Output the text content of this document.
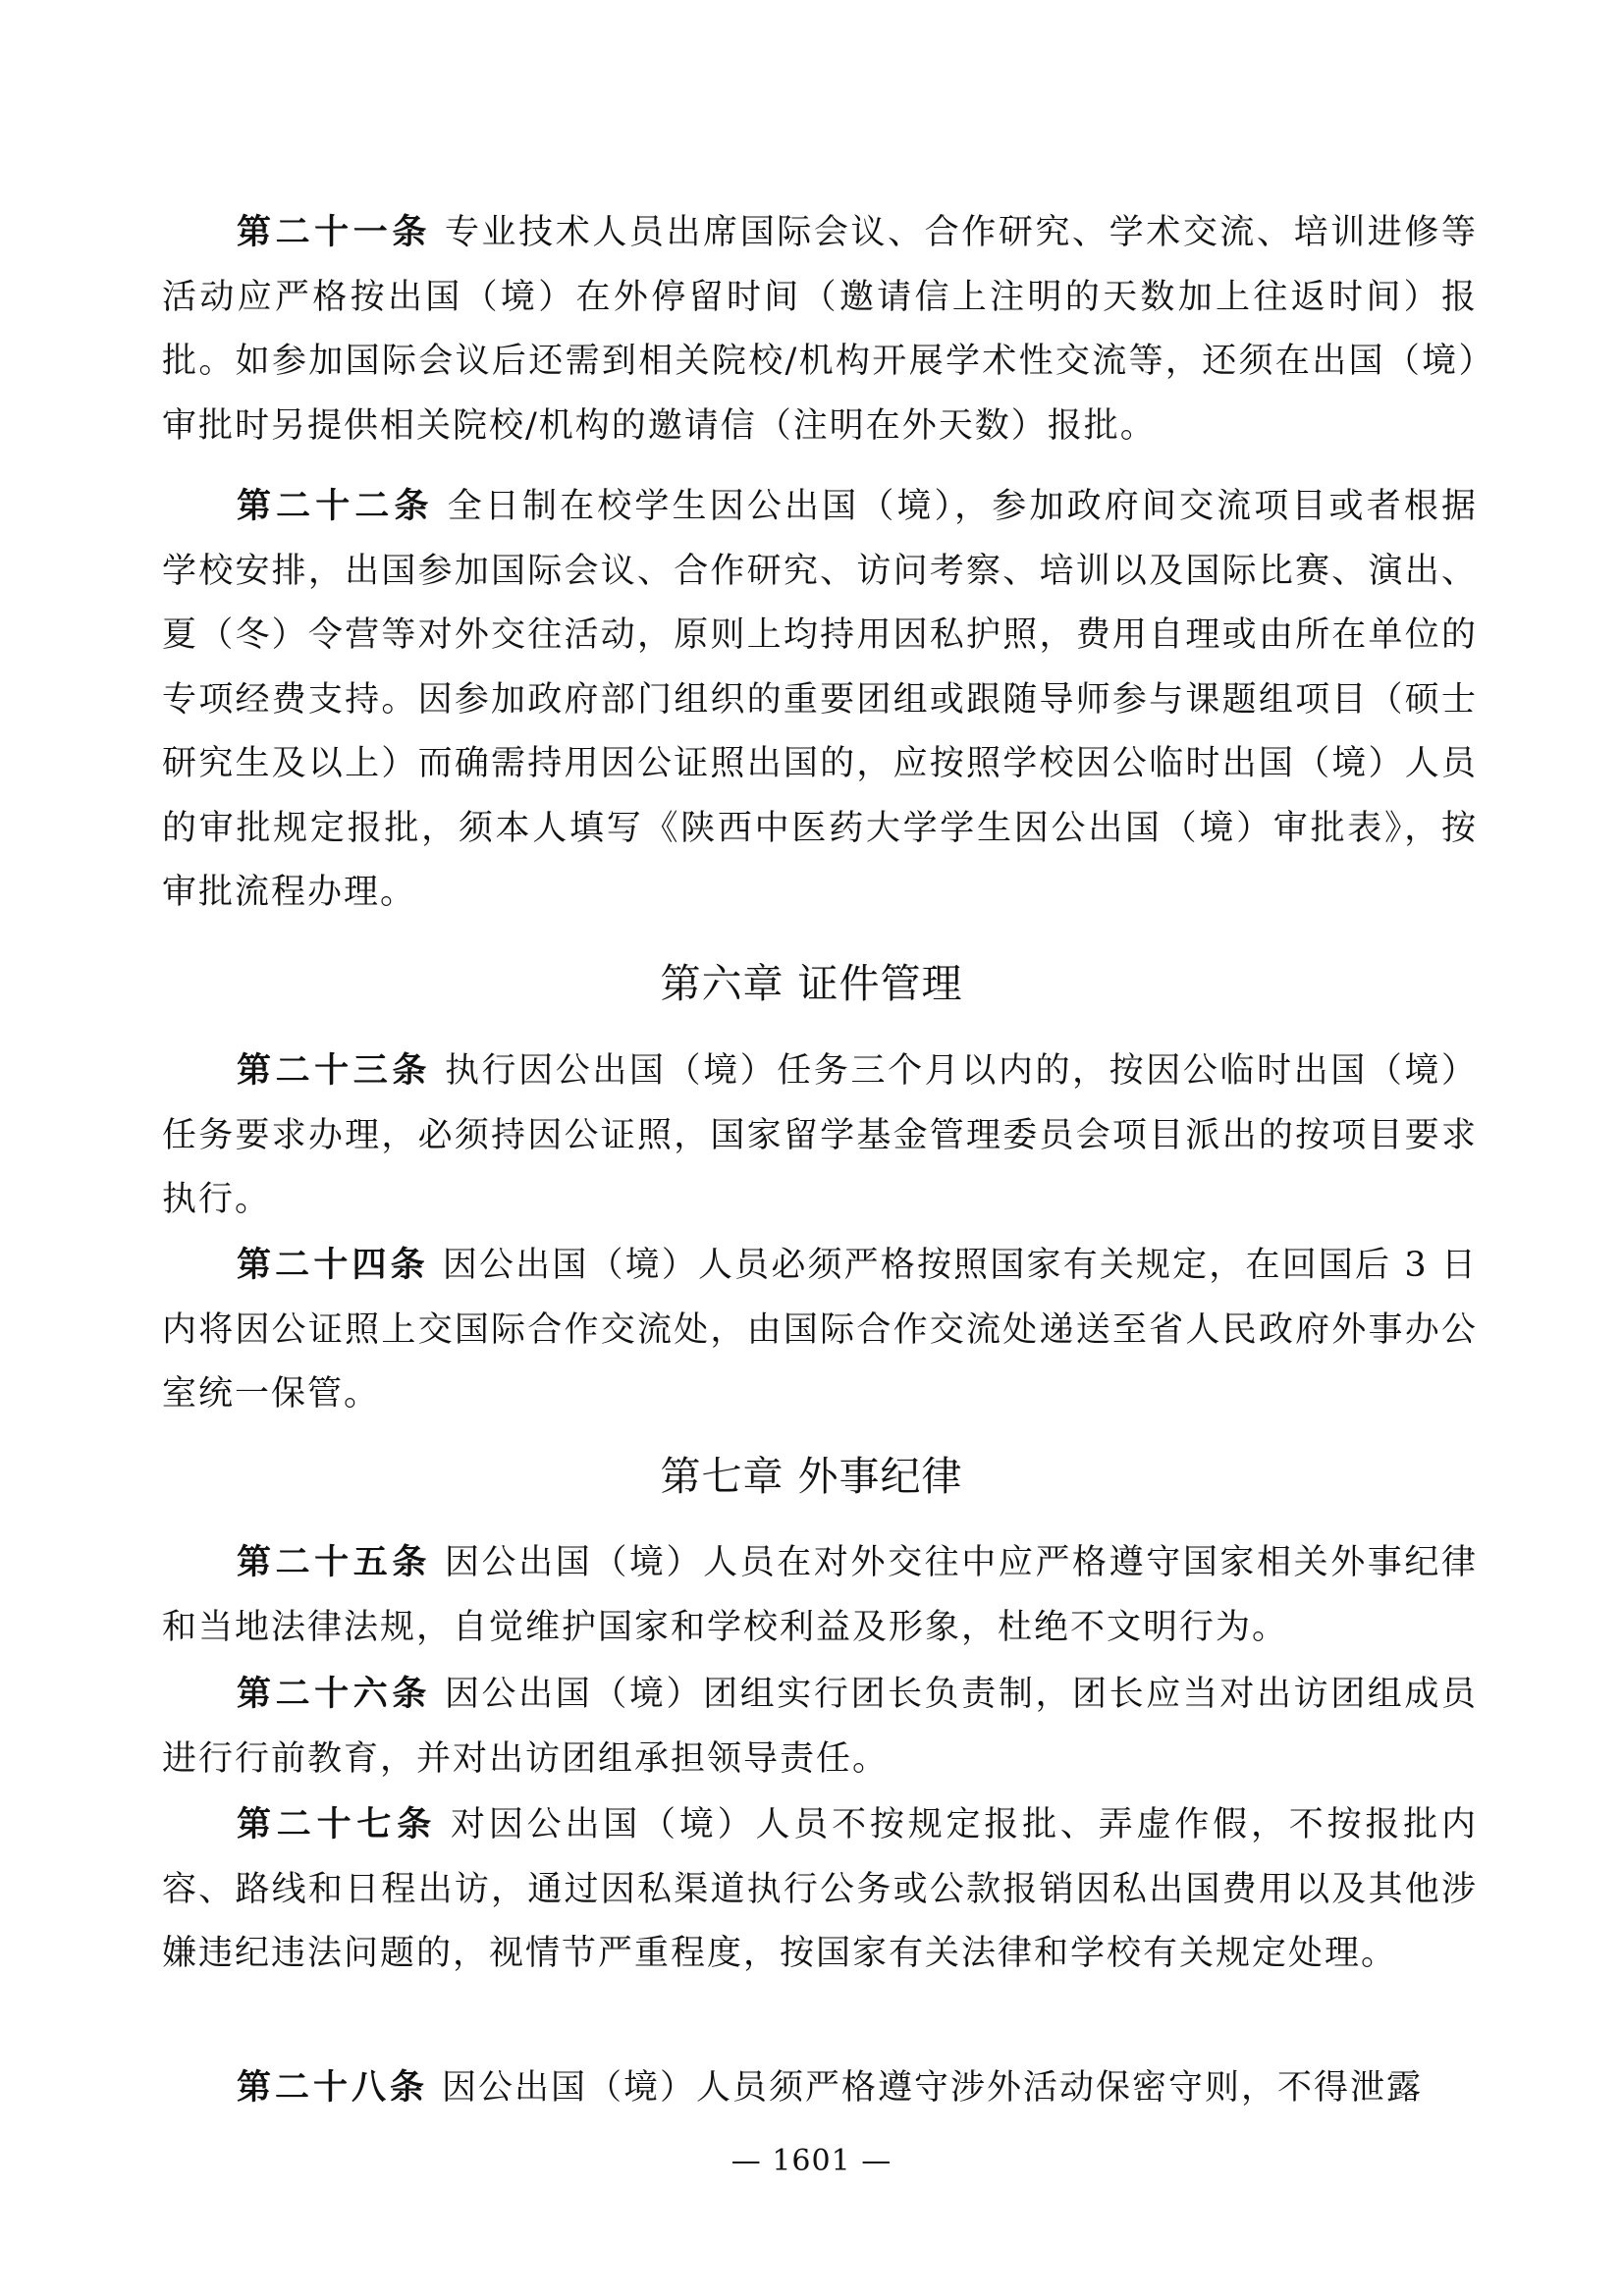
第二十一条 专业技术人员出席国际会议、合作研究、学术交流、培训进修等活动应严格按出国（境）在外停留时间（邀请信上注明的天数加上往返时间）报批。如参加国际会议后还需到相关院校/机构开展学术性交流等，还须在出国（境）审批时另提供相关院校/机构的邀请信（注明在外天数）报批。

第二十二条 全日制在校学生因公出国（境），参加政府间交流项目或者根据学校安排，出国参加国际会议、合作研究、访问考察、培训以及国际比赛、演出、夏（冬）令营等对外交往活动，原则上均持用因私护照，费用自理或由所在单位的专项经费支持。因参加政府部门组织的重要团组或跟随导师参与课题组项目（硕士研究生及以上）而确需持用因公证照出国的，应按照学校因公临时出国（境）人员的审批规定报批，须本人填写《陕西中医药大学学生因公出国（境）审批表》，按审批流程办理。

第六章 证件管理

第二十三条 执行因公出国（境）任务三个月以内的，按因公临时出国（境）任务要求办理，必须持因公证照，国家留学基金管理委员会项目派出的按项目要求执行。

第二十四条 因公出国（境）人员必须严格按照国家有关规定，在回国后 3 日内将因公证照上交国际合作交流处，由国际合作交流处递送至省人民政府外事办公室统一保管。

第七章 外事纪律

第二十五条 因公出国（境）人员在对外交往中应严格遵守国家相关外事纪律和当地法律法规，自觉维护国家和学校利益及形象，杜绝不文明行为。

第二十六条 因公出国（境）团组实行团长负责制，团长应当对出访团组成员进行行前教育，并对出访团组承担领导责任。

第二十七条 对因公出国（境）人员不按规定报批、弄虚作假，不按报批内容、路线和日程出访，通过因私渠道执行公务或公款报销因私出国费用以及其他涉嫌违纪违法问题的，视情节严重程度，按国家有关法律和学校有关规定处理。

第二十八条 因公出国（境）人员须严格遵守涉外活动保密守则，不得泄露

— 1601 —
